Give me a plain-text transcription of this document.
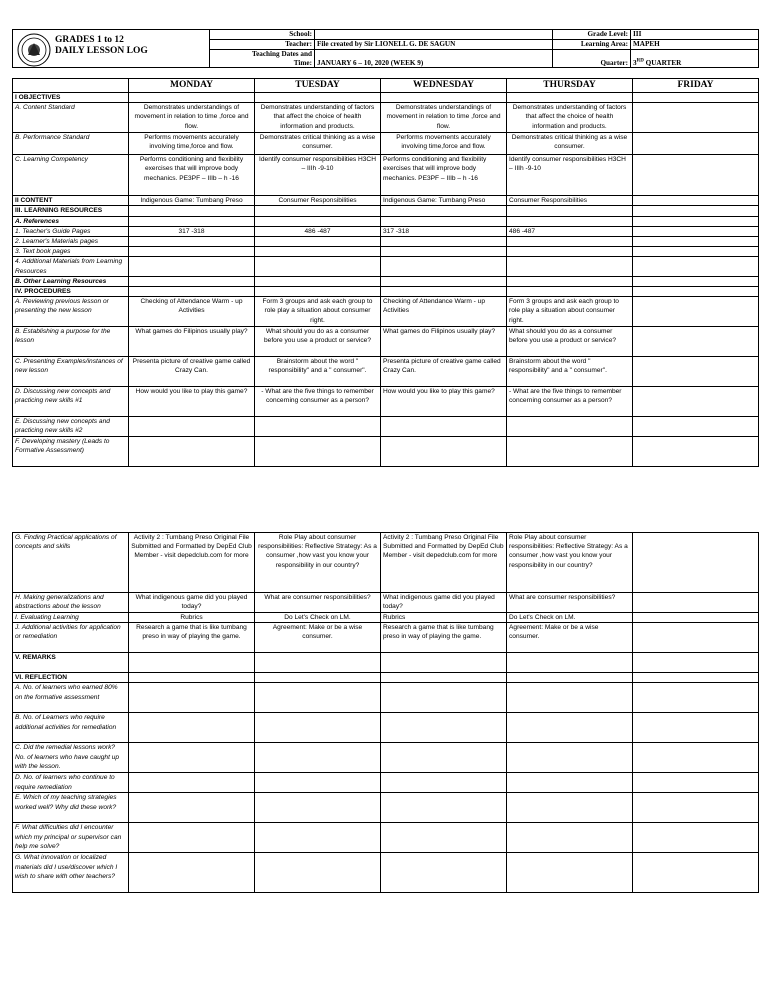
GRADES 1 to 12
DAILY LESSON LOG	School:		Grade Level:	III
	Teacher:	File created by Sir LIONELL G. DE SAGUN	Learning Area:	MAPEH

	Teaching Dates and
Time:	JANUARY 6 – 10, 2020 (WEEK 9)	Quarter:	3RD QUARTER
	MONDAY	TUESDAY	WEDNESDAY	THURSDAY	FRIDAY
I OBJECTIVES					
A. Content Standard	Demonstrates understandings of movement in relation to time ,force and flow.	Demonstrates understanding of factors that affect the choice of health information and products.	Demonstrates understandings of movement in relation to time ,force and flow.	Demonstrates understanding of factors that affect the choice of health information and products.	
B. Performance Standard	Performs movements accurately involving time,force and flow.	Demonstrates critical thinking as a wise consumer.	Performs movements accurately involving time,force and flow.	Demonstrates critical thinking as a wise consumer.	
C. Learning Competency	Performs conditioning and flexibility exercises that will improve body mechanics. PE3PF – IIIb – h -16	Identify consumer responsibilities H3CH – IIIh -9-10	Performs conditioning and flexibility exercises that will improve body mechanics. PE3PF – IIIb – h -16	Identify consumer responsibilities H3CH – IIIh -9-10	
II CONTENT	Indigenous Game: Tumbang Preso	Consumer Responsibilities	Indigenous Game: Tumbang Preso	Consumer Responsibilities	
III. LEARNING RESOURCES					
A. References					
1. Teacher's Guide Pages	317 -318	486 -487	317 -318	486 -487	
2. Learner's Materials pages					
3. Text book pages					
4. Additional Materials from Learning Resources					
B. Other Learning Resources					
IV. PROCEDURES					
A. Reviewing previous lesson or presenting the new lesson	Checking of Attendance Warm - up Activities	Form 3 groups and ask each group to role play a situation about consumer right.	Checking of Attendance Warm - up Activities	Form 3 groups and ask each group to role play a situation about consumer right.	
B. Establishing a purpose for the lesson	What games do Filipinos usually play?	What should you do as a consumer before you use a product or service?	What games do Filipinos usually play?	What should you do as a consumer before you use a product or service?	
C. Presenting Examples/instances of new lesson	Presenta picture of creative game called Crazy Can.	Brainstorm about the word " responsibility" and a " consumer".	Presenta picture of creative game called Crazy Can.	Brainstorm about the word " responsibility" and a " consumer".	
D. Discussing new concepts and practicing new skills #1	How would you like to play this game?	- What are the five things to remember concerning consumer as a person?	How would you like to play this game?	- What are the five things to remember concerning consumer as a person?	
E. Discussing new concepts and practicing new skills #2					
F. Developing mastery (Leads to Formative Assessment)					
G. Finding Practical applications of concepts and skills	Activity 2 : Tumbang Preso Original File Submitted and Formatted by DepEd Club Member - visit depedclub.com for more	Role Play about consumer responsibilities: Reflective Strategy: As a consumer ,how vast you know your responsibility in our country?	Activity 2 : Tumbang Preso Original File Submitted and Formatted by DepEd Club Member - visit depedclub.com for more	Role Play about consumer responsibilities: Reflective Strategy: As a consumer ,how vast you know your responsibility in our country?	
H. Making generalizations and abstractions about the lesson	What indigenous game did you played today?	What are consumer responsibilities?	What indigenous game did you played today?	What are consumer responsibilities?	
I. Evaluating Learning	Rubrics	Do Let's Check on LM.	Rubrics	Do Let's Check on LM.	
J. Additional activities for application or remediation	Research a game that is like tumbang preso in way of playing the game.	Agreement: Make or be a wise consumer.	Research a game that is like tumbang preso in way of playing the game.	Agreement: Make or be a wise consumer.	
V. REMARKS					
VI. REFLECTION					
A. No. of learners who earned 80% on the formative assessment					
B. No. of Learners who require additional activities for remediation					
C. Did the remedial lessons work? No. of learners who have caught up with the lesson.					
D. No. of learners who continue to require remediation					
E. Which of my teaching strategies worked well? Why did these work?					
F. What difficulties did I encounter which my principal or supervisor can help me solve?					
G. What innovation or localized materials did I use/discover which I wish to share with other teachers?					
